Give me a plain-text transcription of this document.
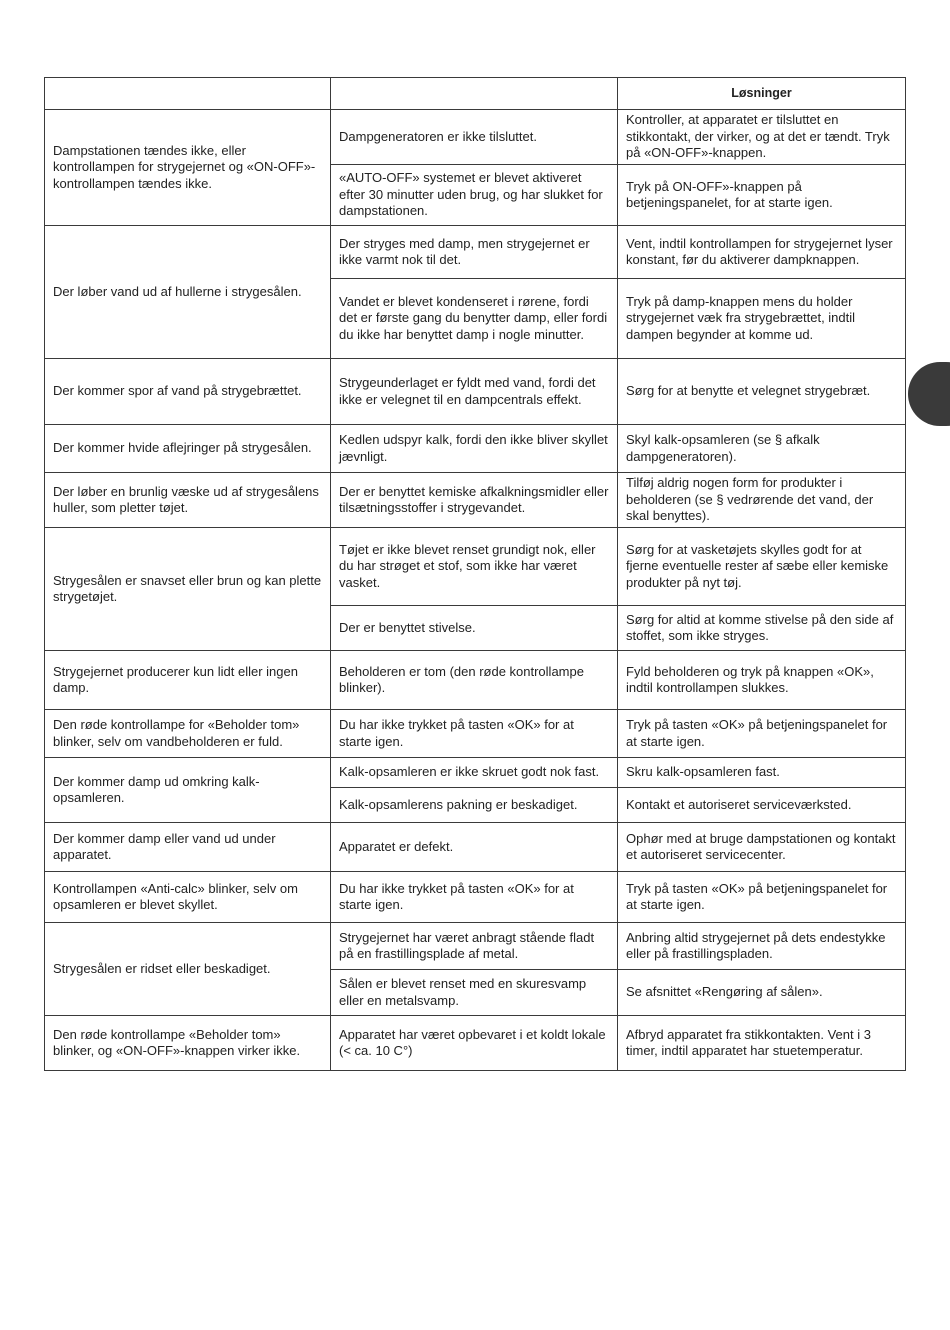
		Løsninger
Dampstationen tændes ikke, eller kontrollampen for strygejernet og «ON-OFF»-kontrollampen tændes ikke.	Dampgeneratoren er ikke tilsluttet.	Kontroller, at apparatet er tilsluttet en stikkontakt, der virker, og at det er tændt. Tryk på «ON-OFF»-knappen.
	«AUTO-OFF» systemet er blevet aktiveret efter 30 minutter uden brug, og har slukket for dampstationen.	Tryk på ON-OFF»-knappen på betjeningspanelet, for at starte igen.
Der løber vand ud af hullerne i strygesålen.	Der stryges med damp, men strygejernet er ikke varmt nok til det.	Vent, indtil kontrollampen for strygejernet lyser konstant, før du aktiverer dampknappen.
	Vandet er blevet kondenseret i rørene, fordi det er første gang du benytter damp, eller fordi du ikke har benyttet damp i nogle minutter.	Tryk på damp-knappen mens du holder strygejernet væk fra strygebrættet, indtil dampen begynder at komme ud.
Der kommer spor af vand på strygebrættet.	Strygeunderlaget er fyldt med vand, fordi det ikke er velegnet til en dampcentrals effekt.	Sørg for at benytte et velegnet strygebræt.
Der kommer hvide aflejringer på strygesålen.	Kedlen udspyr kalk, fordi den ikke bliver skyllet jævnligt.	Skyl kalk-opsamleren (se § afkalk dampgeneratoren).
Der løber en brunlig væske ud af strygesålens huller, som pletter tøjet.	Der er benyttet kemiske afkalkningsmidler eller tilsætningsstoffer i strygevandet.	Tilføj aldrig nogen form for produkter i beholderen (se § vedrørende det vand, der skal benyttes).
Strygesålen er snavset eller brun og kan plette strygetøjet.	Tøjet er ikke blevet renset grundigt nok, eller du har strøget et stof, som ikke har været vasket.	Sørg for at vasketøjets skylles godt for at fjerne eventuelle rester af sæbe eller kemiske produkter på nyt tøj.
	Der er benyttet stivelse.	Sørg for altid at komme stivelse på den side af stoffet, som ikke stryges.
Strygejernet producerer kun lidt eller ingen damp.	Beholderen er tom (den røde kontrollampe blinker).	Fyld beholderen og tryk på knappen «OK», indtil kontrollampen slukkes.
Den røde kontrollampe for «Beholder tom» blinker, selv om vandbeholderen er fuld.	Du har ikke trykket på tasten «OK» for at starte igen.	Tryk på tasten «OK» på betjeningspanelet for at starte igen.
Der kommer damp ud omkring kalk-opsamleren.	Kalk-opsamleren er ikke skruet godt nok fast.	Skru kalk-opsamleren fast.
	Kalk-opsamlerens pakning er beskadiget.	Kontakt et autoriseret serviceværksted.
Der kommer damp eller vand ud under apparatet.	Apparatet er defekt.	Ophør med at bruge dampstationen og kontakt et autoriseret servicecenter.
Kontrollampen «Anti-calc» blinker, selv om opsamleren er blevet skyllet.	Du har ikke trykket på tasten «OK» for at starte igen.	Tryk på tasten «OK» på betjeningspanelet for at starte igen.
Strygesålen er ridset eller beskadiget.	Strygejernet har været anbragt stående fladt på en frastillingsplade af metal.	Anbring altid strygejernet på dets endestykke eller på frastillingspladen.
	Sålen er blevet renset med en skuresvamp eller en metalsvamp.	Se afsnittet «Rengøring af sålen».
Den røde kontrollampe «Beholder tom» blinker, og «ON-OFF»-knappen virker ikke.	Apparatet har været opbevaret i et koldt lokale (< ca. 10 C°)	Afbryd apparatet fra stikkontakten. Vent i 3 timer, indtil apparatet har stuetemperatur.
